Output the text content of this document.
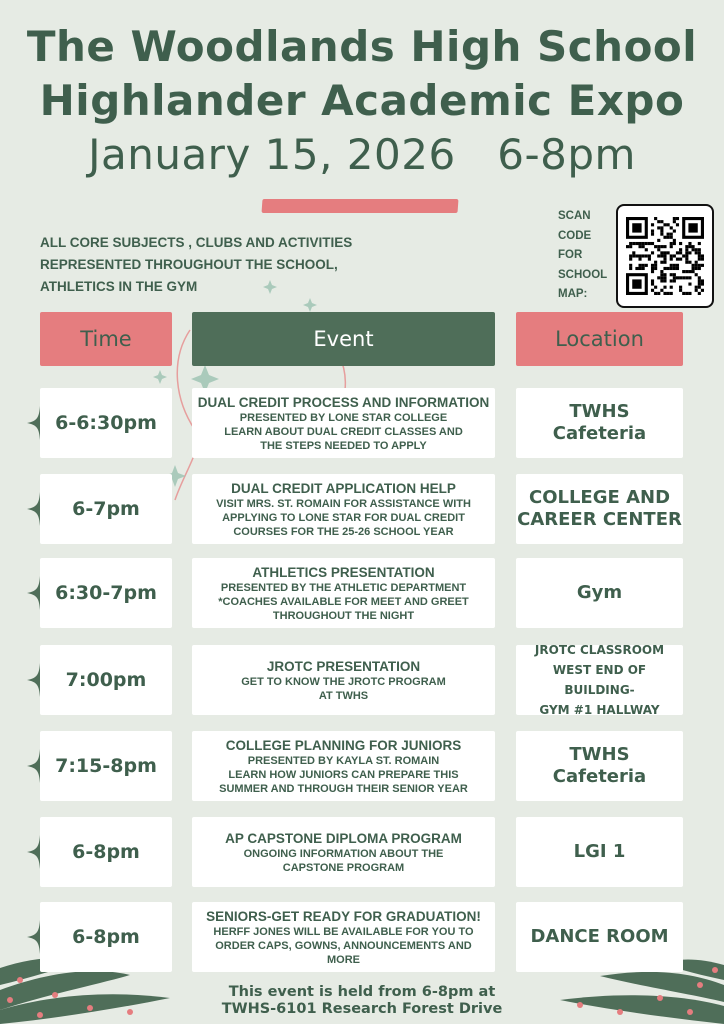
The Woodlands High School
Highlander Academic Expo
January 15, 2026   6-8pm
ALL CORE SUBJECTS , CLUBS AND ACTIVITIES
REPRESENTED THROUGHOUT THE SCHOOL,
ATHLETICS IN THE GYM
SCAN
CODE
FOR
SCHOOL
MAP:
Time	Event	Location
6-6:30pm
DUAL CREDIT PROCESS AND INFORMATION
PRESENTED BY LONE STAR COLLEGE
LEARN ABOUT DUAL CREDIT CLASSES AND
THE STEPS NEEDED TO APPLY
TWHS
Cafeteria
6-7pm
DUAL CREDIT APPLICATION HELP
VISIT MRS. ST. ROMAIN FOR ASSISTANCE WITH
APPLYING TO LONE STAR FOR DUAL CREDIT
COURSES FOR THE 25-26 SCHOOL YEAR
COLLEGE AND
CAREER CENTER
6:30-7pm
ATHLETICS PRESENTATION
PRESENTED BY THE ATHLETIC DEPARTMENT
*COACHES AVAILABLE FOR MEET AND GREET
THROUGHOUT THE NIGHT
Gym
7:00pm
JROTC PRESENTATION
GET TO KNOW THE JROTC PROGRAM
AT TWHS
JROTC CLASSROOM
WEST END OF BUILDING-
GYM #1 HALLWAY
7:15-8pm
COLLEGE PLANNING FOR JUNIORS
PRESENTED BY KAYLA ST. ROMAIN
LEARN HOW JUNIORS CAN PREPARE THIS
SUMMER AND THROUGH THEIR SENIOR YEAR
TWHS
Cafeteria
6-8pm
AP CAPSTONE DIPLOMA PROGRAM
ONGOING INFORMATION ABOUT THE
CAPSTONE PROGRAM
LGI 1
6-8pm
SENIORS-GET READY FOR GRADUATION!
HERFF JONES WILL BE AVAILABLE FOR YOU TO
ORDER CAPS, GOWNS, ANNOUNCEMENTS AND
MORE
DANCE ROOM
This event is held from 6-8pm at
TWHS-6101 Research Forest Drive
